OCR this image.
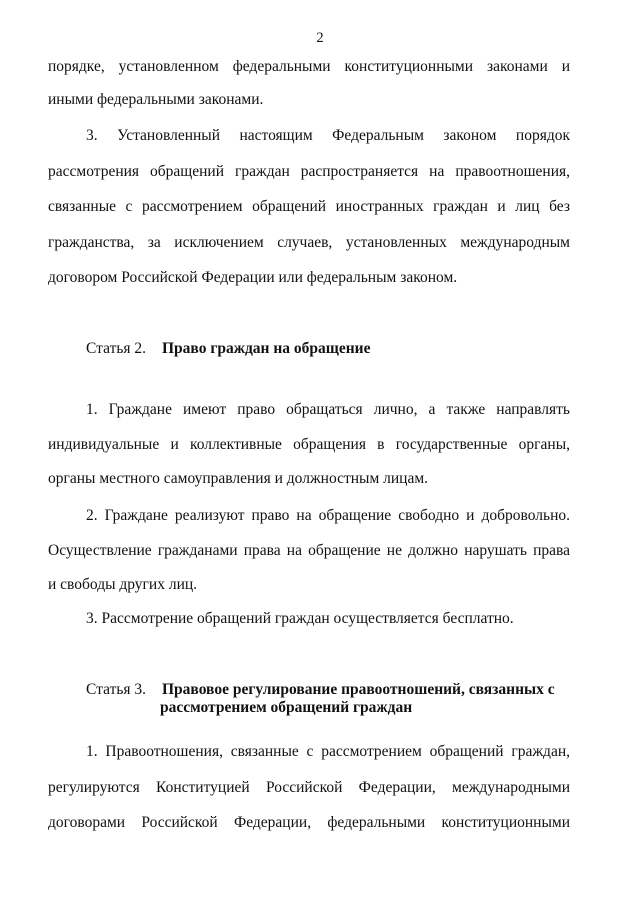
2
порядке, установленном федеральными конституционными законами и
иными федеральными законами.
3. Установленный настоящим Федеральным законом порядок
рассмотрения обращений граждан распространяется на правоотношения,
связанные с рассмотрением обращений иностранных граждан и лиц без
гражданства, за исключением случаев, установленных международным
договором Российской Федерации или федеральным законом.
Статья 2. Право граждан на обращение
1. Граждане имеют право обращаться лично, а также направлять
индивидуальные и коллективные обращения в государственные органы,
органы местного самоуправления и должностным лицам.
2. Граждане реализуют право на обращение свободно и добровольно.
Осуществление гражданами права на обращение не должно нарушать права
и свободы других лиц.
3. Рассмотрение обращений граждан осуществляется бесплатно.
Статья 3. Правовое регулирование правоотношений, связанных с
рассмотрением обращений граждан
1. Правоотношения, связанные с рассмотрением обращений граждан,
регулируются Конституцией Российской Федерации, международными
договорами Российской Федерации, федеральными конституционными
